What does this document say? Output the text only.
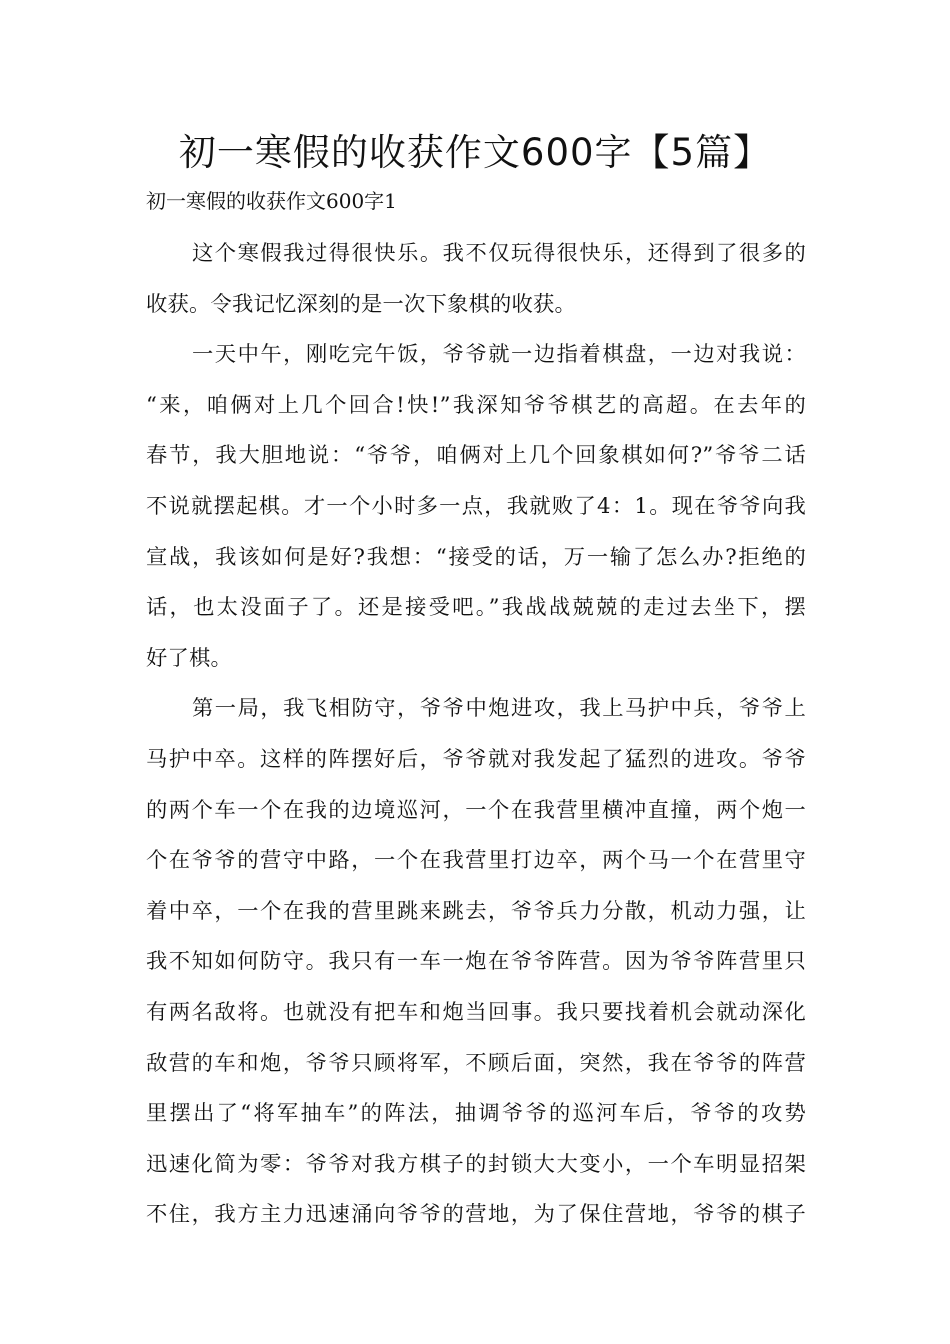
初一寒假的收获作文600字【5篇】

初一寒假的收获作文600字1

这个寒假我过得很快乐。我不仅玩得很快乐，还得到了很多的
收获。令我记忆深刻的是一次下象棋的收获。

一天中午，刚吃完午饭，爷爷就一边指着棋盘，一边对我说：
“来，咱俩对上几个回合!快!”我深知爷爷棋艺的高超。在去年的
春节，我大胆地说：“爷爷，咱俩对上几个回象棋如何?”爷爷二话
不说就摆起棋。才一个小时多一点，我就败了4：1。现在爷爷向我
宣战，我该如何是好?我想：“接受的话，万一输了怎么办?拒绝的
话，也太没面子了。还是接受吧。”我战战兢兢的走过去坐下，摆
好了棋。

第一局，我飞相防守，爷爷中炮进攻，我上马护中兵，爷爷上
马护中卒。这样的阵摆好后，爷爷就对我发起了猛烈的进攻。爷爷
的两个车一个在我的边境巡河，一个在我营里横冲直撞，两个炮一
个在爷爷的营守中路，一个在我营里打边卒，两个马一个在营里守
着中卒，一个在我的营里跳来跳去，爷爷兵力分散，机动力强，让
我不知如何防守。我只有一车一炮在爷爷阵营。因为爷爷阵营里只
有两名敌将。也就没有把车和炮当回事。我只要找着机会就动深化
敌营的车和炮，爷爷只顾将军，不顾后面，突然，我在爷爷的阵营
里摆出了“将军抽车”的阵法，抽调爷爷的巡河车后，爷爷的攻势
迅速化简为零：爷爷对我方棋子的封锁大大变小，一个车明显招架
不住，我方主力迅速涌向爷爷的营地，为了保住营地，爷爷的棋子
